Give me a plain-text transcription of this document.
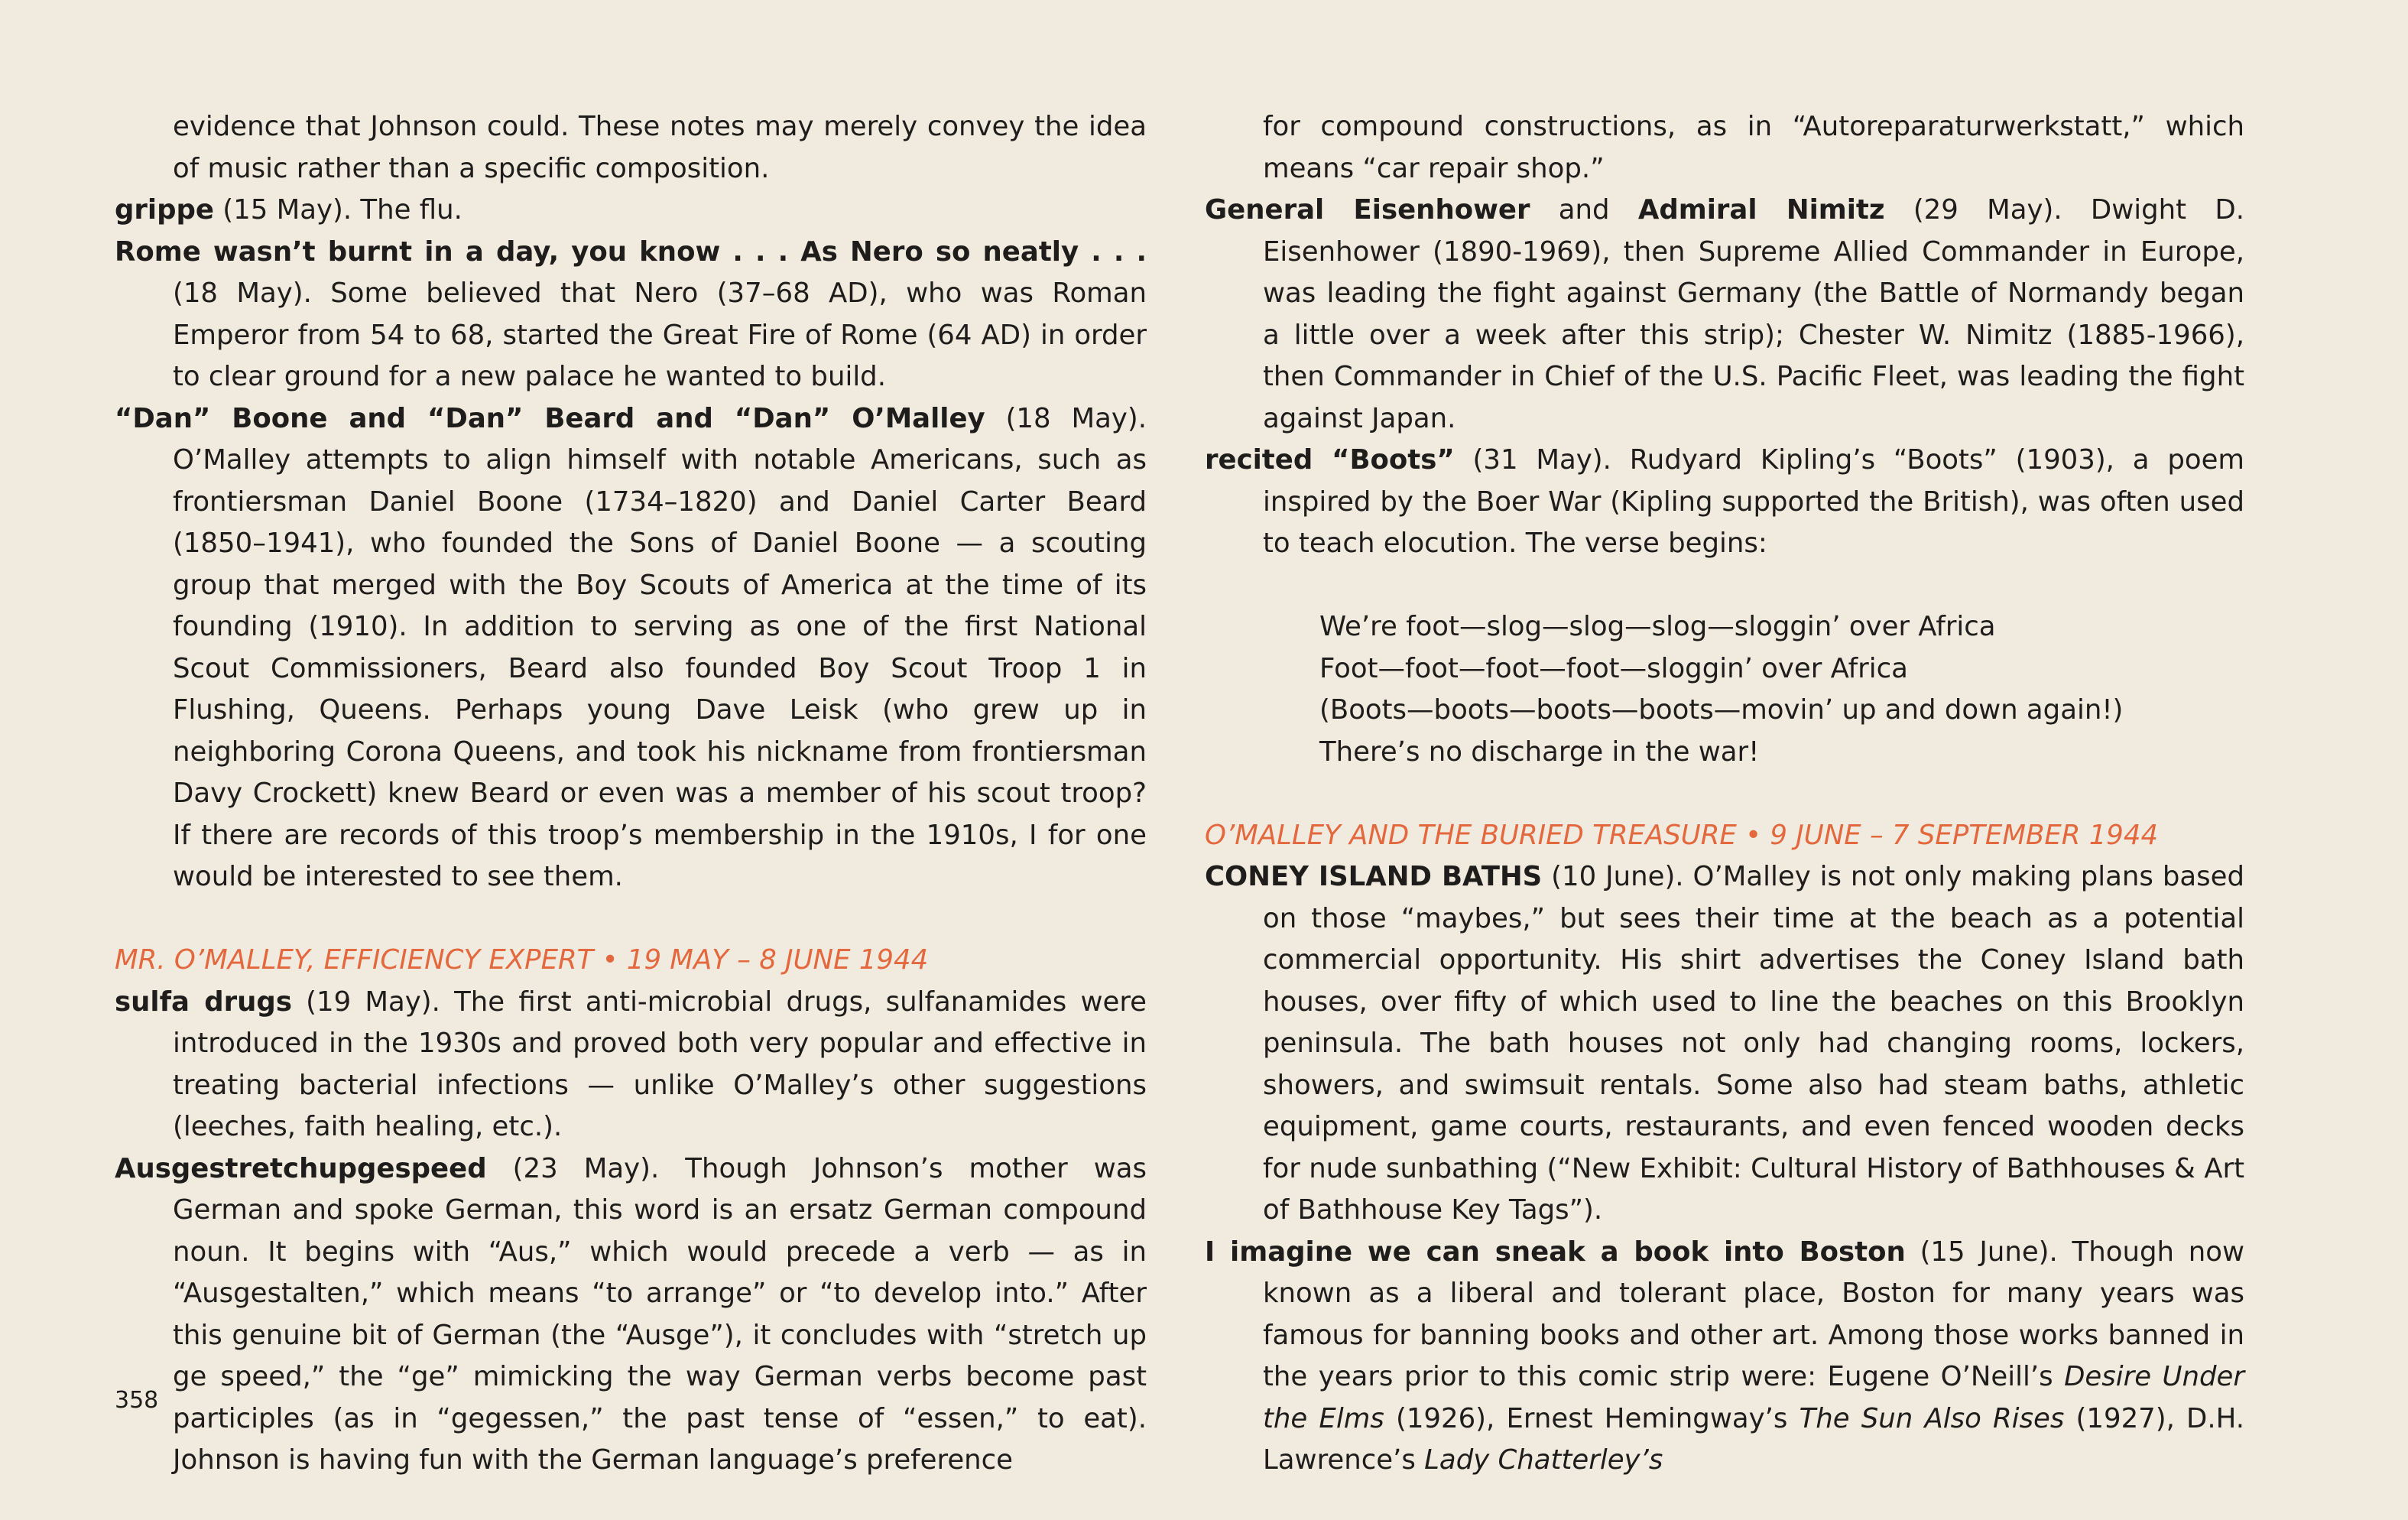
evidence that Johnson could. These notes may merely convey the idea of music rather than a specific composition.

grippe (15 May). The flu.

Rome wasn’t burnt in a day, you know . . . As Nero so neatly . . . (18 May). Some believed that Nero (37–68 AD), who was Roman Emperor from 54 to 68, started the Great Fire of Rome (64 AD) in order to clear ground for a new palace he wanted to build.

“Dan” Boone and “Dan” Beard and “Dan” O’Malley (18 May). O’Malley attempts to align himself with notable Americans, such as frontiersman Daniel Boone (1734–1820) and Daniel Carter Beard (1850–1941), who founded the Sons of Daniel Boone — a scouting group that merged with the Boy Scouts of America at the time of its founding (1910). In addition to serving as one of the first National Scout Commissioners, Beard also founded Boy Scout Troop 1 in Flushing, Queens. Perhaps young Dave Leisk (who grew up in neighboring Corona Queens, and took his nickname from frontiersman Davy Crockett) knew Beard or even was a member of his scout troop? If there are records of this troop’s membership in the 1910s, I for one would be interested to see them.

MR. O’MALLEY, EFFICIENCY EXPERT • 19 MAY – 8 JUNE 1944

sulfa drugs (19 May). The first anti-microbial drugs, sulfanamides were introduced in the 1930s and proved both very popular and effective in treating bacterial infections — unlike O’Malley’s other suggestions (leeches, faith healing, etc.).

Ausgestretchupgespeed (23 May). Though Johnson’s mother was German and spoke German, this word is an ersatz German compound noun. It begins with “Aus,” which would precede a verb — as in “Ausgestalten,” which means “to arrange” or “to develop into.” After this genuine bit of German (the “Ausge”), it concludes with “stretch up ge speed,” the “ge” mimicking the way German verbs become past participles (as in “gegessen,” the past tense of “essen,” to eat). Johnson is having fun with the German language’s preference

for compound constructions, as in “Autoreparaturwerkstatt,” which means “car repair shop.”

General Eisenhower and Admiral Nimitz (29 May). Dwight D. Eisenhower (1890-1969), then Supreme Allied Commander in Europe, was leading the fight against Germany (the Battle of Normandy began a little over a week after this strip); Chester W. Nimitz (1885-1966), then Commander in Chief of the U.S. Pacific Fleet, was leading the fight against Japan.

recited “Boots” (31 May). Rudyard Kipling’s “Boots” (1903), a poem inspired by the Boer War (Kipling supported the British), was often used to teach elocution. The verse begins:

We’re foot—slog—slog—slog—sloggin’ over Africa

Foot—foot—foot—foot—sloggin’ over Africa

(Boots—boots—boots—boots—movin’ up and down again!)

There’s no discharge in the war!

O’MALLEY AND THE BURIED TREASURE • 9 JUNE – 7 SEPTEMBER 1944

CONEY ISLAND BATHS (10 June). O’Malley is not only making plans based on those “maybes,” but sees their time at the beach as a potential commercial opportunity. His shirt advertises the Coney Island bath houses, over fifty of which used to line the beaches on this Brooklyn peninsula. The bath houses not only had changing rooms, lockers, showers, and swimsuit rentals. Some also had steam baths, athletic equipment, game courts, restaurants, and even fenced wooden decks for nude sunbathing (“New Exhibit: Cultural History of Bathhouses & Art of Bathhouse Key Tags”).

I imagine we can sneak a book into Boston (15 June). Though now known as a liberal and tolerant place, Boston for many years was famous for banning books and other art. Among those works banned in the years prior to this comic strip were: Eugene O’Neill’s Desire Under the Elms (1926), Ernest Hemingway’s The Sun Also Rises (1927), D.H. Lawrence’s Lady Chatterley’s

358
